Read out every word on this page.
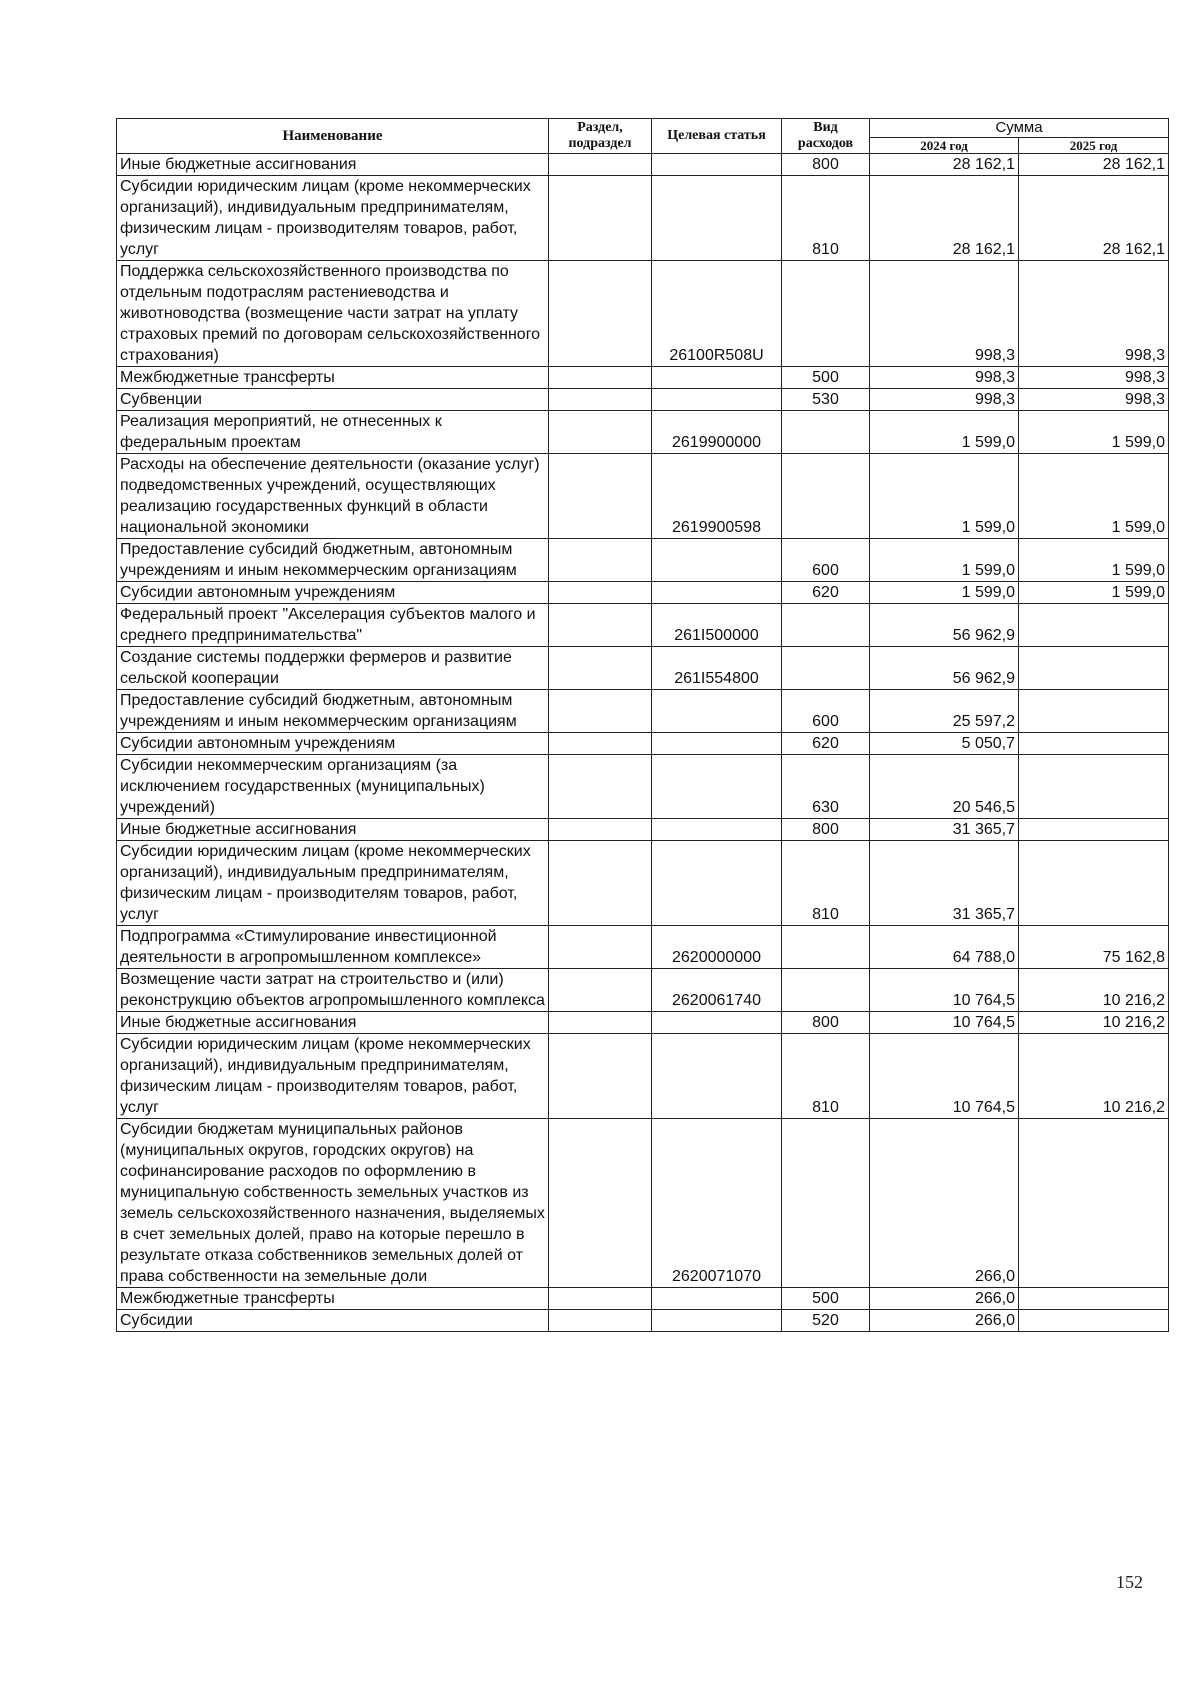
Наименование	Раздел, подраздел	Целевая статья	Вид расходов	Сумма	
				2024 год	2025 год
Иные бюджетные ассигнования			800	28 162,1	28 162,1
Субсидии юридическим лицам (кроме некоммерческих организаций), индивидуальным предпринимателям, физическим лицам - производителям товаров, работ, услуг			810	28 162,1	28 162,1
Поддержка сельскохозяйственного производства по отдельным подотраслям растениеводства и животноводства (возмещение части затрат на уплату страховых премий по договорам сельскохозяйственного страхования)		26100R508U		998,3	998,3
Межбюджетные трансферты			500	998,3	998,3
Субвенции			530	998,3	998,3
Реализация мероприятий, не отнесенных к федеральным проектам		2619900000		1 599,0	1 599,0
Расходы на обеспечение деятельности (оказание услуг) подведомственных учреждений, осуществляющих реализацию государственных функций в области национальной экономики		2619900598		1 599,0	1 599,0
Предоставление субсидий бюджетным, автономным учреждениям и иным некоммерческим организациям			600	1 599,0	1 599,0
Субсидии автономным учреждениям			620	1 599,0	1 599,0
Федеральный проект "Акселерация субъектов малого и среднего предпринимательства"		261I500000		56 962,9	
Создание системы поддержки фермеров и развитие сельской кооперации		261I554800		56 962,9	
Предоставление субсидий бюджетным, автономным учреждениям и иным некоммерческим организациям			600	25 597,2	
Субсидии автономным учреждениям			620	5 050,7	
Субсидии некоммерческим организациям (за исключением государственных (муниципальных) учреждений)			630	20 546,5	
Иные бюджетные ассигнования			800	31 365,7	
Субсидии юридическим лицам (кроме некоммерческих организаций), индивидуальным предпринимателям, физическим лицам - производителям товаров, работ, услуг			810	31 365,7	
Подпрограмма «Стимулирование инвестиционной деятельности в агропромышленном комплексе»		2620000000		64 788,0	75 162,8
Возмещение части затрат на строительство и (или) реконструкцию объектов агропромышленного комплекса		2620061740		10 764,5	10 216,2
Иные бюджетные ассигнования			800	10 764,5	10 216,2
Субсидии юридическим лицам (кроме некоммерческих организаций), индивидуальным предпринимателям, физическим лицам - производителям товаров, работ, услуг			810	10 764,5	10 216,2
Субсидии бюджетам муниципальных районов (муниципальных округов, городских округов) на софинансирование расходов по оформлению в муниципальную собственность земельных участков из земель сельскохозяйственного назначения, выделяемых в счет земельных долей, право на которые перешло в результате отказа собственников земельных долей от права собственности на земельные доли		2620071070		266,0	
Межбюджетные трансферты			500	266,0	
Субсидии			520	266,0	
152
